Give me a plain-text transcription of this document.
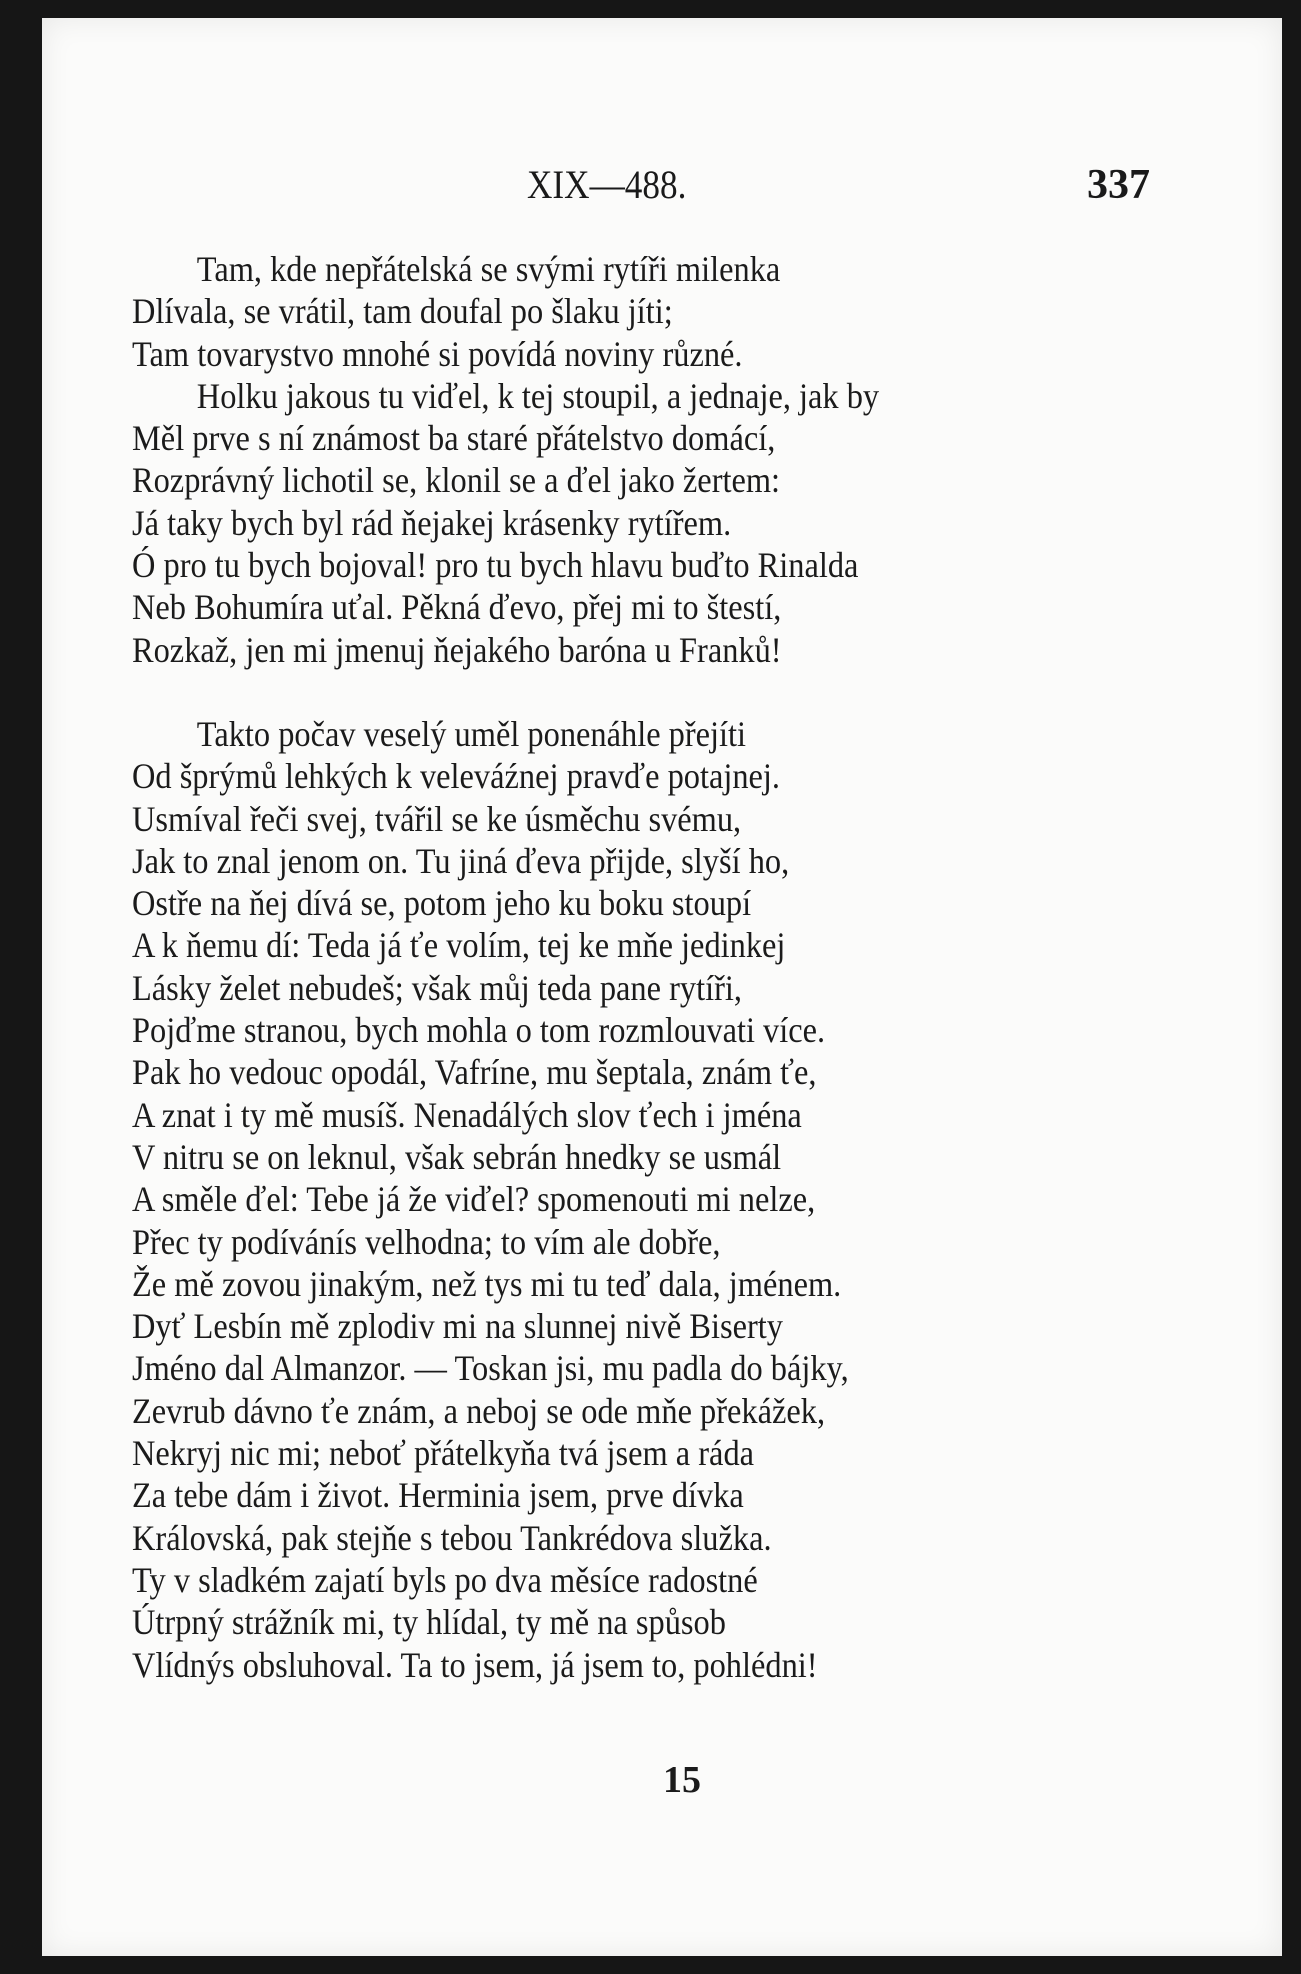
XIX—488.	337
Tam, kde nepřátelská se svými rytíři milenka
Dlívala, se vrátil, tam doufal po šlaku jíti;
Tam tovarystvo mnohé si povídá noviny různé.
Holku jakous tu viďel, k tej stoupil, a jednaje, jak by
Měl prve s ní známost ba staré přátelstvo domácí,
Rozprávný lichotil se, klonil se a ďel jako žertem:
Já taky bych byl rád ňejakej krásenky rytířem.
Ó pro tu bych bojoval! pro tu bych hlavu buďto Rinalda
Neb Bohumíra uťal. Pěkná ďevo, přej mi to štestí,
Rozkaž, jen mi jmenuj ňejakého baróna u Franků!
Takto počav veselý uměl ponenáhle přejíti
Od šprýmů lehkých k veleváźnej pravďe potajnej.
Usmíval řeči svej, tvářil se ke úsměchu svému,
Jak to znal jenom on. Tu jiná ďeva přijde, slyší ho,
Ostře na ňej dívá se, potom jeho ku boku stoupí
A k ňemu dí: Teda já ťe volím, tej ke mňe jedinkej
Lásky želet nebudeš; však můj teda pane rytíři,
Pojďme stranou, bych mohla o tom rozmlouvati více.
Pak ho vedouc opodál, Vafríne, mu šeptala, znám ťe,
A znat i ty mě musíš. Nenadálých slov ťech i jména
V nitru se on leknul, však sebrán hnedky se usmál
A směle ďel: Tebe já že viďel? spomenouti mi nelze,
Přec ty podívánís velhodna; to vím ale dobře,
Že mě zovou jinakým, než tys mi tu teď dala, jménem.
Dyť Lesbín mě zplodiv mi na slunnej nivě Biserty
Jméno dal Almanzor. — Toskan jsi, mu padla do bájky,
Zevrub dávno ťe znám, a neboj se ode mňe překážek,
Nekryj nic mi; neboť přátelkyňa tvá jsem a ráda
Za tebe dám i život. Herminia jsem, prve dívka
Královská, pak stejňe s tebou Tankrédova služka.
Ty v sladkém zajatí byls po dva měsíce radostné
Útrpný strážník mi, ty hlídal, ty mě na spůsob
Vlídnýs obsluhoval. Ta to jsem, já jsem to, pohlédni!
15
